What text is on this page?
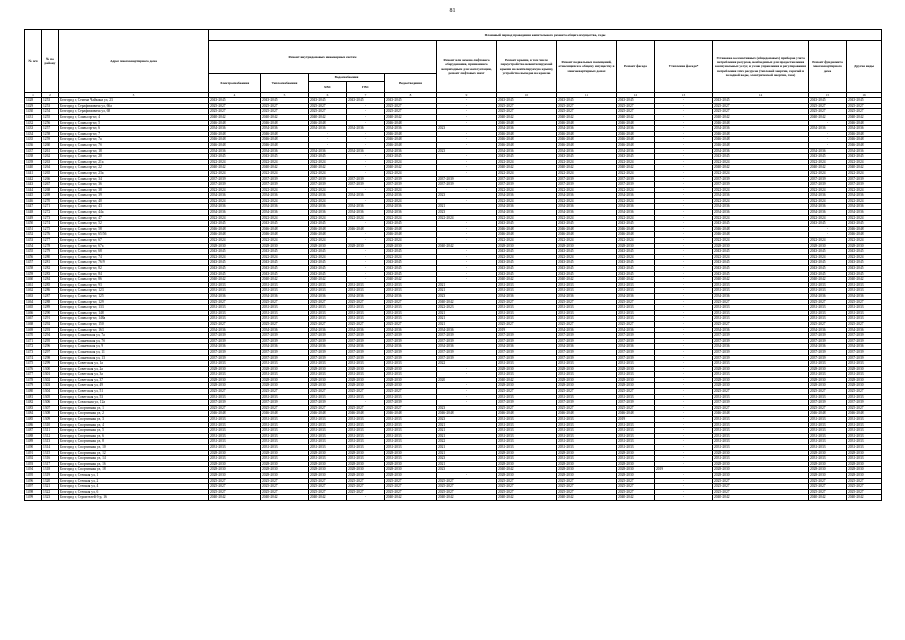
81
№ п/п	№ по району	Адрес многоквартирного дома	Плановый период проведения капитального ремонта общего имущества, годы												
			Ремонт внутридомовых инженерных систем					Ремонт или замена лифтового оборудования, признанного непригодным для эксплуатации, ремонт лифтовых шахт	Ремонт крыши, в том числе переустройство невентилируемой крыши на вентилируемую крышу, устройство выходов на кровлю	Ремонт подвальных помещений, относящихся к общему имуществу в многоквартирных домах	Ремонт фасада	Утепление фасада*	Установка коллективных (общедомовых) приборов учета потребления ресурсов, необходимых для предоставления коммунальных услуг, и узлов управления и регулирования потребления этих ресурсов (тепловой энергии, горячей и холодной воды, электрической энергии, газа)	Ремонт фундамента многоквартирного дома	Другие виды
			Электроснабжения	Теплоснабжения	Водоснабжения		Водоотведения								
					ХВС	ГВС									
1	2	3	4	5	6	7	8	9	10	11	12	13	14	15	16
1428	1253	Белгород г, Семена Чайкина ул, 23	2043-2045	2043-2045	2043-2045	2043-2045	2043-2045	-	2043-2045	2043-2045	2043-2045	-	2043-2045	2043-2045	2043-2045
1429	1253	Белгород г, Серафимовича ул, 66а	2025-2027	2025-2027	2025-2027	-	2025-2027	-	2025-2027	2025-2027	2025-2027	-	2025-2027	2025-2027	2025-2027
1430	1254	Белгород г, Серафимовича ул, 68	2025-2027	2025-2027	2025-2027	-	2025-2027	-	2025-2027	2025-2027	2025-2027	-	2025-2027	2025-2027	2025-2027
1431	1255	Белгород г, Славы пр-кт, 4	2040-2042	2040-2042	2040-2042	-	2040-2042	-	2040-2042	2040-2042	2040-2042	-	2040-2042	2040-2042	2040-2042
1432	1256	Белгород г, Славы пр-кт, 5	2046-2048	2046-2048	2046-2048	-	2046-2048	-	2046-2048	2046-2048	2046-2048	-	2046-2048	-	2046-2048
1433	1257	Белгород г, Славы пр-кт, 6	2034-2036	2034-2036	2034-2036	2034-2036	2034-2036	2023	2034-2036	2034-2036	2034-2036	-	2034-2036	2034-2036	2034-2036
1434	1258	Белгород г, Славы пр-кт, 7	2046-2048	2046-2048	-	-	2046-2048	-	2046-2048	2046-2048	2046-2048	-	2046-2048	-	2046-2048
1435	1259	Белгород г, Славы пр-кт, 7а	2046-2048	2046-2048	-	-	2046-2048	-	2046-2048	2046-2048	2046-2048	-	2046-2048	-	2046-2048
1436	1260	Белгород г, Славы пр-кт, 7б	2046-2048	2046-2048	-	-	2046-2048	-	2046-2048	2046-2048	2046-2048	-	2046-2048	-	2046-2048
1437	1261	Белгород г, Славы пр-кт, 18	2034-2036	2034-2036	2034-2036	2034-2036	2034-2036	2023	2034-2036	2034-2036	2034-2036	-	2034-2036	2034-2036	2034-2036
1438	1262	Белгород г, Славы пр-кт, 20	2043-2045	2043-2045	2043-2045	-	2043-2045	-	2043-2045	2043-2045	2043-2045	-	2043-2045	2043-2045	2043-2045
1439	1263	Белгород г, Славы пр-кт, 21а	2022-2024	2022-2024	2022-2024	-	2022-2024	-	2022-2024	2022-2024	2022-2024	-	2022-2024	2022-2024	2022-2024
1440	1264	Белгород г, Славы пр-кт, 22	2040-2042	2040-2042	2040-2042	-	2040-2042	-	2040-2042	2040-2042	2040-2042	-	2040-2042	2040-2042	2040-2042
1441	1265	Белгород г, Славы пр-кт, 23а	2022-2024	2022-2024	2022-2024	-	2022-2024	-	2022-2024	2022-2024	2022-2024	-	2022-2024	2022-2024	2022-2024
1442	1266	Белгород г, Славы пр-кт, 34	2037-2039	2037-2039	2037-2039	2037-2039	2037-2039	2037-2039	2037-2039	2037-2039	2037-2039	-	2037-2039	2037-2039	2037-2039
1443	1267	Белгород г, Славы пр-кт, 36	2037-2039	2037-2039	2037-2039	2037-2039	2037-2039	2037-2039	2037-2039	2037-2039	2037-2039	-	2037-2039	2037-2039	2037-2039
1444	1268	Белгород г, Славы пр-кт, 38	2022-2024	2022-2024	2022-2024	-	2022-2024	-	2022-2024	2022-2024	2022-2024	-	2022-2024	2022-2024	2022-2024
1445	1269	Белгород г, Славы пр-кт, 39	2034-2036	2034-2036	2034-2036	2034-2036	2034-2036	2023	2034-2036	2034-2036	2034-2036	-	2034-2036	2034-2036	2034-2036
1446	1270	Белгород г, Славы пр-кт, 40	2022-2024	2022-2024	2022-2024	-	2022-2024	-	2022-2024	2022-2024	2022-2024	-	2022-2024	2022-2024	2022-2024
1447	1271	Белгород г, Славы пр-кт, 43	2034-2036	2034-2036	2034-2036	2034-2036	2034-2036	2021	2034-2036	2034-2036	2034-2036	-	2034-2036	2034-2036	2034-2036
1448	1272	Белгород г, Славы пр-кт, 44а	2034-2036	2034-2036	2034-2036	2034-2036	2034-2036	2023	2034-2036	2034-2036	2034-2036	-	2034-2036	2034-2036	2034-2036
1449	1273	Белгород г, Славы пр-кт, 47	2022-2024	2022-2024	2022-2024	2022-2024	2022-2024	2022-2024	2022-2024	2022-2024	2022-2024	-	2022-2024	2022-2024	2022-2024
1450	1274	Белгород г, Славы пр-кт, 52	2043-2045	2043-2045	2043-2045	-	2043-2045	-	2043-2045	2043-2045	2043-2045	-	2043-2045	2043-2045	2043-2045
1451	1275	Белгород г, Славы пр-кт, 58	2046-2048	2046-2048	2046-2048	2046-2048	2046-2048	-	2046-2048	2046-2048	2046-2048	-	2046-2048	-	2046-2048
1452	1276	Белгород г, Славы пр-кт, 65/56	2046-2048	2046-2048	2046-2048	-	2046-2048	-	2046-2048	2046-2048	2046-2048	-	2046-2048	-	2046-2048
1453	1277	Белгород г, Славы пр-кт, 67	2022-2024	2022-2024	2022-2024	-	2022-2024	-	2022-2024	2022-2024	2022-2024	-	2022-2024	2022-2024	2022-2024
1454	1278	Белгород г, Славы пр-кт, 67а	2028-2030	2028-2030	2028-2030	2028-2030	2028-2030	2040-2042	2028-2030	2028-2030	2028-2030	-	2028-2030	2028-2030	2028-2030
1455	1279	Белгород г, Славы пр-кт, 68	2043-2045	2043-2045	2043-2045	-	2043-2045	-	2043-2045	2043-2045	2043-2045	-	2043-2045	2043-2045	2043-2045
1456	1280	Белгород г, Славы пр-кт, 74	2022-2024	2022-2024	2022-2024	-	2022-2024	-	2022-2024	2022-2024	2022-2024	-	2022-2024	2022-2024	2022-2024
1457	1281	Белгород г, Славы пр-кт, 76/9	2043-2045	2043-2045	2043-2045	-	2043-2045	-	2043-2045	2043-2045	2043-2045	-	2043-2045	2043-2045	2043-2045
1458	1282	Белгород г, Славы пр-кт, 82	2043-2045	2043-2045	2043-2045	-	2043-2045	-	2043-2045	2043-2045	2043-2045	-	2043-2045	2043-2045	2043-2045
1459	1283	Белгород г, Славы пр-кт, 84	2043-2045	2043-2045	2043-2045	-	2043-2045	-	2043-2045	2043-2045	2043-2045	-	2043-2045	2043-2045	2043-2045
1460	1284	Белгород г, Славы пр-кт, 86	2040-2042	2040-2042	2040-2042	-	2040-2042	-	2040-2042	2040-2042	2040-2042	-	2040-2042	2040-2042	2040-2042
1461	1285	Белгород г, Славы пр-кт, 93	2031-2033	2031-2033	2031-2033	2031-2033	2031-2033	2021	2031-2033	2031-2033	2031-2033	-	2031-2033	2031-2033	2031-2033
1462	1286	Белгород г, Славы пр-кт, 123	2031-2033	2031-2033	2031-2033	2031-2033	2031-2033	2021	2031-2033	2031-2033	2031-2033	-	2031-2033	2031-2033	2031-2033
1463	1287	Белгород г, Славы пр-кт, 125	2034-2036	2034-2036	2034-2036	2034-2036	2034-2036	2023	2034-2036	2034-2036	2034-2036	-	2034-2036	2034-2036	2034-2036
1464	1288	Белгород г, Славы пр-кт, 129	2025-2027	2025-2027	2025-2027	2025-2027	2025-2027	2040-2042	2025-2027	2025-2027	2025-2027	-	2025-2027	2025-2027	2025-2027
1465	1289	Белгород г, Славы пр-кт, 133	2031-2033	2031-2033	2031-2033	2031-2033	2031-2033	2022-2023	2031-2033	2031-2033	2031-2033	-	2031-2033	2031-2033	2031-2033
1466	1290	Белгород г, Славы пр-кт, 148	2031-2033	2031-2033	2031-2033	2031-2033	2031-2033	2021	2031-2033	2031-2033	2031-2033	-	2031-2033	2031-2033	2031-2033
1467	1291	Белгород г, Славы пр-кт, 148а	2031-2033	2031-2033	2031-2033	2031-2033	2031-2033	2021	2031-2033	2031-2033	2031-2033	-	2031-2033	2031-2033	2031-2033
1468	1292	Белгород г, Славы пр-кт, 150	2025-2027	2025-2027	2025-2027	2025-2027	2025-2027	2021	2025-2027	2025-2027	2025-2027	-	2025-2027	2025-2027	2025-2027
1469	1293	Белгород г, Славы пр-кт, 163	2034-2036	2034-2036	2034-2036	2034-2036	2034-2036	2034-2036	2019	2034-2036	2034-2036	-	2034-2036	2034-2036	2034-2036
1470	1294	Белгород г, Сланевская ул, 7а	2037-2039	2037-2039	2037-2039	2037-2039	2037-2039	2037-2039	2037-2039	2037-2039	2037-2039	-	2037-2039	2037-2039	2037-2039
1471	1295	Белгород г, Сланевская ул, 7б	2037-2039	2037-2039	2037-2039	2037-2039	2037-2039	2037-2039	2037-2039	2037-2039	2037-2039	-	2037-2039	2037-2039	2037-2039
1472	1296	Белгород г, Сланевская ул, 9	2034-2036	2034-2036	2034-2036	2034-2036	2034-2036	2034-2036	2034-2036	2034-2036	2034-2036	-	2034-2036	2034-2036	2034-2036
1473	1297	Белгород г, Сланевская ул, 11	2037-2039	2037-2039	2037-2039	2037-2039	2037-2039	2037-2039	2037-2039	2037-2039	2037-2039	-	2037-2039	2037-2039	2037-2039
1474	1298	Белгород г, Сланевская ул, 13	2037-2039	2037-2039	2037-2039	2037-2039	2037-2039	2037-2039	2037-2039	2037-2039	2037-2039	-	2037-2039	2037-2039	2037-2039
1475	1299	Белгород г, Советская ул, 1а	2031-2033	2031-2033	2031-2033	2031-2033	2031-2033	2022	2031-2033	2031-2033	2031-2033	-	2031-2033	2031-2033	2031-2033
1476	1300	Белгород г, Советская ул, 2а	2028-2030	2028-2030	2028-2030	2028-2030	2028-2030	-	2028-2030	2028-2030	2028-2030	-	2028-2030	2028-2030	2028-2030
1477	1301	Белгород г, Советская ул, 3а	2031-2033	2031-2033	2031-2033	2031-2033	2031-2033	-	2031-2033	2031-2033	2031-2033	-	2031-2033	2031-2033	2031-2033
1478	1302	Белгород г, Советская ул, 37	2028-2030	2028-2030	2028-2030	2028-2030	2028-2030	2020	2040-2042	2028-2030	2028-2030	-	2028-2030	2028-2030	2028-2030
1479	1303	Белгород г, Советская ул, 49	2028-2030	2028-2030	2028-2030	2028-2030	2028-2030	-	2028-2030	2028-2030	2028-2030	-	2028-2030	2028-2030	2028-2030
1480	1304	Белгород г, Советская ул, 51	2025-2027	2025-2027	2025-2027	2025-2027	2025-2027	-	2025-2027	2025-2027	2025-2027	-	2025-2027	2025-2027	2025-2027
1481	1305	Белгород г, Советская ул, 53	2031-2033	2031-2033	2031-2033	2031-2033	2031-2033	-	2031-2033	2031-2033	2031-2033	-	2031-2033	2031-2033	2031-2033
1482	1306	Белгород г, Совхозная ул, 12а	2037-2039	2037-2039	2037-2039	-	2037-2039	-	2037-2039	2037-2039	2037-2039	-	2037-2039	2037-2039	2037-2039
1483	1307	Белгород г, Спортивная ул, 1	2025-2027	2025-2027	2025-2027	2025-2027	2025-2027	2023	2025-2027	2025-2027	2025-2027	-	2025-2027	2025-2027	2025-2027
1484	1308	Белгород г, Спортивная ул, 2	2046-2048	2046-2048	2046-2048	2046-2048	2046-2048	2046-2048	2046-2048	2046-2048	2046-2048	-	2046-2048	2046-2048	2046-2048
1485	1309	Белгород г, Спортивная ул, 3	2031-2033	2031-2033	2031-2033	2031-2033	2031-2033	2023	2031-2033	2031-2033	2019	-	2031-2033	2031-2033	2031-2033
1486	1310	Белгород г, Спортивная ул, 4	2031-2033	2031-2033	2031-2033	2031-2033	2031-2033	2021	2031-2033	2031-2033	2031-2033	-	2031-2033	2031-2033	2031-2033
1487	1311	Белгород г, Спортивная ул, 5	2031-2033	2031-2033	2031-2033	2031-2033	2031-2033	2021	2031-2033	2031-2033	2031-2033	-	2031-2033	2031-2033	2031-2033
1488	1312	Белгород г, Спортивная ул, 6	2031-2033	2031-2033	2031-2033	2031-2033	2031-2033	2021	2031-2033	2031-2033	2031-2033	-	2031-2033	2031-2033	2031-2033
1489	1313	Белгород г, Спортивная ул, 8	2031-2033	2031-2033	2031-2033	2031-2033	2031-2033	2022	2031-2033	2031-2033	2031-2033	-	2031-2033	2031-2033	2031-2033
1490	1314	Белгород г, Спортивная ул, 10	2031-2033	2031-2033	2031-2033	2031-2033	2031-2033	2021	2031-2033	2031-2033	2031-2033	-	2031-2033	2031-2033	2031-2033
1491	1315	Белгород г, Спортивная ул, 12	2028-2030	2028-2030	2028-2030	2028-2030	2028-2030	2021	2028-2030	2028-2030	2028-2030	-	2028-2030	2028-2030	2028-2030
1492	1316	Белгород г, Спортивная ул, 14	2031-2033	2031-2033	2031-2033	2031-2033	2031-2033	2023	2031-2033	2031-2033	2031-2033	-	2031-2033	2031-2033	2031-2033
1493	1317	Белгород г, Спортивная ул, 16	2028-2030	2028-2030	2028-2030	2028-2030	2028-2030	2021	2028-2030	2028-2030	2028-2030	-	2028-2030	2028-2030	2028-2030
1494	1318	Белгород г, Спортивная ул, 18	2028-2030	2028-2030	2028-2030	2028-2030	2028-2030	2023	2040-2042	2028-2030	2028-2030	2019	2028-2030	2028-2030	2028-2030
1495	1319	Белгород г, Степная ул, 1	2028-2030	2028-2030	2028-2030	2028-2030	2028-2030	-	2028-2030	2028-2030	2028-2030	-	2028-2030	2028-2030	2028-2030
1496	1320	Белгород г, Степная ул, 2	2025-2027	2025-2027	2025-2027	2025-2027	2025-2027	2025-2027	2025-2027	2025-2027	2025-2027	-	2025-2027	2025-2027	2025-2027
1497	1321	Белгород г, Степная ул, 4	2025-2027	2025-2027	2025-2027	2025-2027	2025-2027	2025-2027	2025-2027	2025-2027	2025-2027	-	2025-2027	2025-2027	2025-2027
1498	1322	Белгород г, Степная ул, 6	2025-2027	2025-2027	2025-2027	2025-2027	2025-2027	2025-2027	2025-2027	2025-2027	2025-2027	-	2025-2027	2025-2027	2025-2027
1499	1323	Белгород г, Строителей б-р, 16	2040-2042	2040-2042	2040-2042	-	2040-2042	2040-2042	2040-2042	2040-2042	2040-2042	-	2040-2042	2040-2042	2040-2042
